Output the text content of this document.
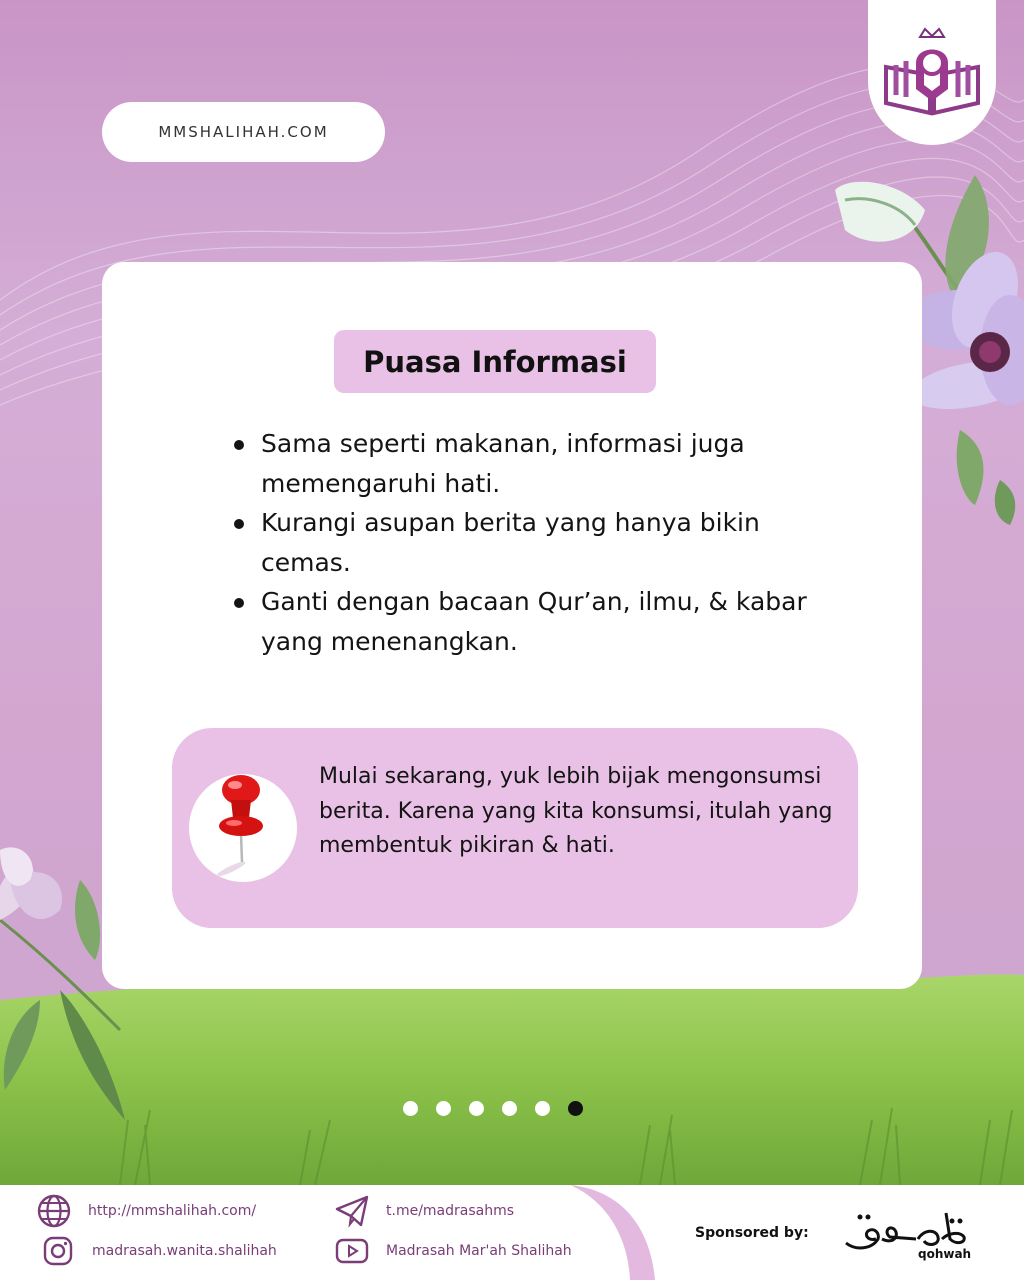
MMSHALIHAH.COM
Puasa Informasi
Sama seperti makanan, informasi juga memengaruhi hati.
Kurangi asupan berita yang hanya bikin cemas.
Ganti dengan bacaan Qur’an, ilmu, & kabar yang menenangkan.
Mulai sekarang, yuk lebih bijak mengonsumsi berita. Karena yang kita konsumsi, itulah yang membentuk pikiran & hati.
http://mmshalihah.com/	t.me/madrasahms
madrasah.wanita.shalihah	Madrasah Mar'ah Shalihah
Sponsored by:
qohwah
